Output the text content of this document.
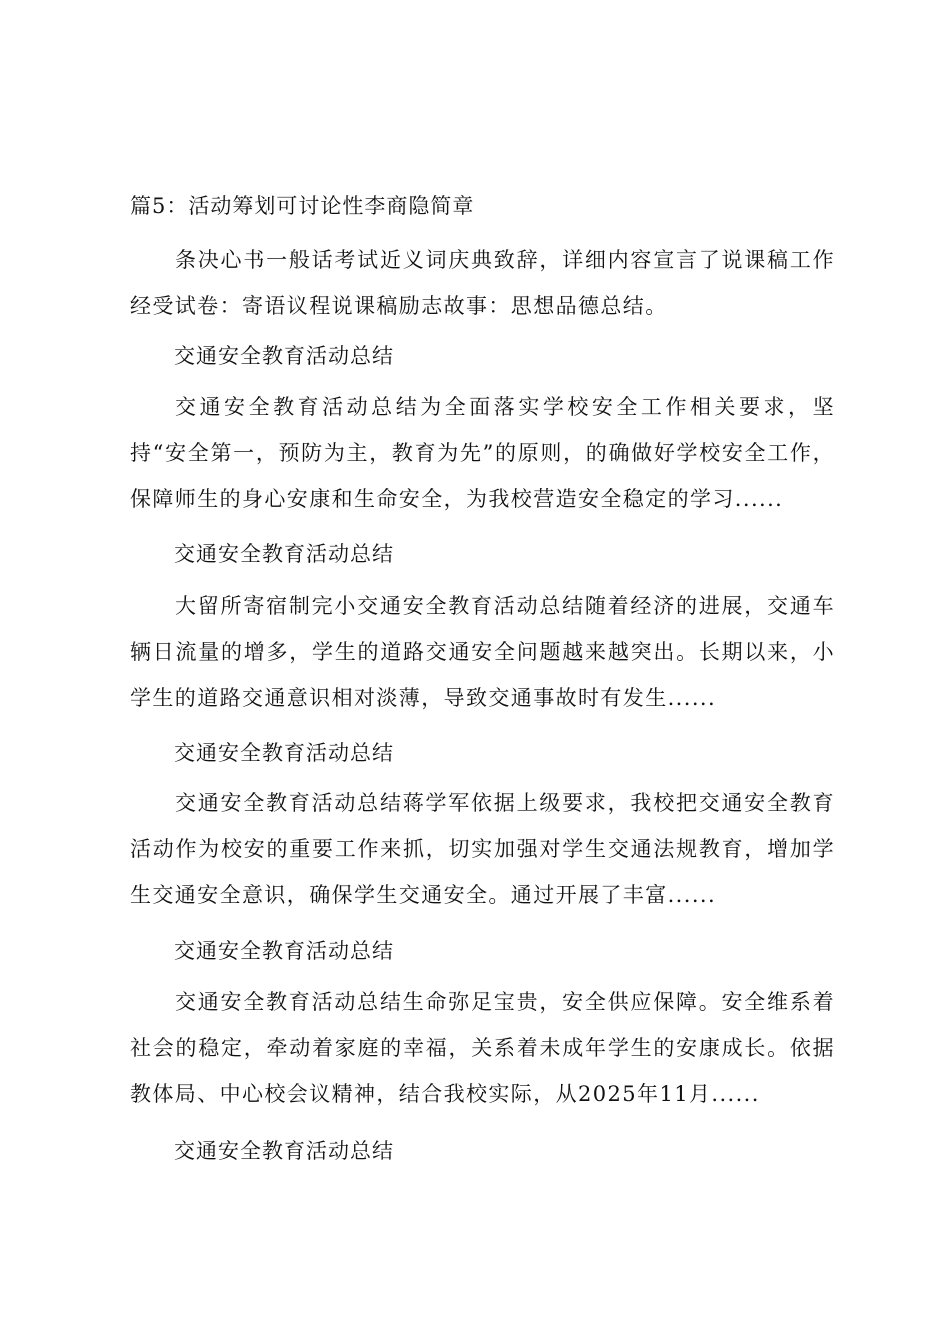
篇5：活动筹划可讨论性李商隐简章
条决心书一般话考试近义词庆典致辞，详细内容宣言了说课稿工作经受试卷：寄语议程说课稿励志故事：思想品德总结。
交通安全教育活动总结
交通安全教育活动总结为全面落实学校安全工作相关要求，坚持“安全第一，预防为主，教育为先”的原则，的确做好学校安全工作，保障师生的身心安康和生命安全，为我校营造安全稳定的学习......
交通安全教育活动总结
大留所寄宿制完小交通安全教育活动总结随着经济的进展，交通车辆日流量的增多，学生的道路交通安全问题越来越突出。长期以来，小学生的道路交通意识相对淡薄，导致交通事故时有发生......
交通安全教育活动总结
交通安全教育活动总结蒋学军依据上级要求，我校把交通安全教育活动作为校安的重要工作来抓，切实加强对学生交通法规教育，增加学生交通安全意识，确保学生交通安全。通过开展了丰富......
交通安全教育活动总结
交通安全教育活动总结生命弥足宝贵，安全供应保障。安全维系着社会的稳定，牵动着家庭的幸福，关系着未成年学生的安康成长。依据教体局、中心校会议精神，结合我校实际，从2025年11月......
交通安全教育活动总结
